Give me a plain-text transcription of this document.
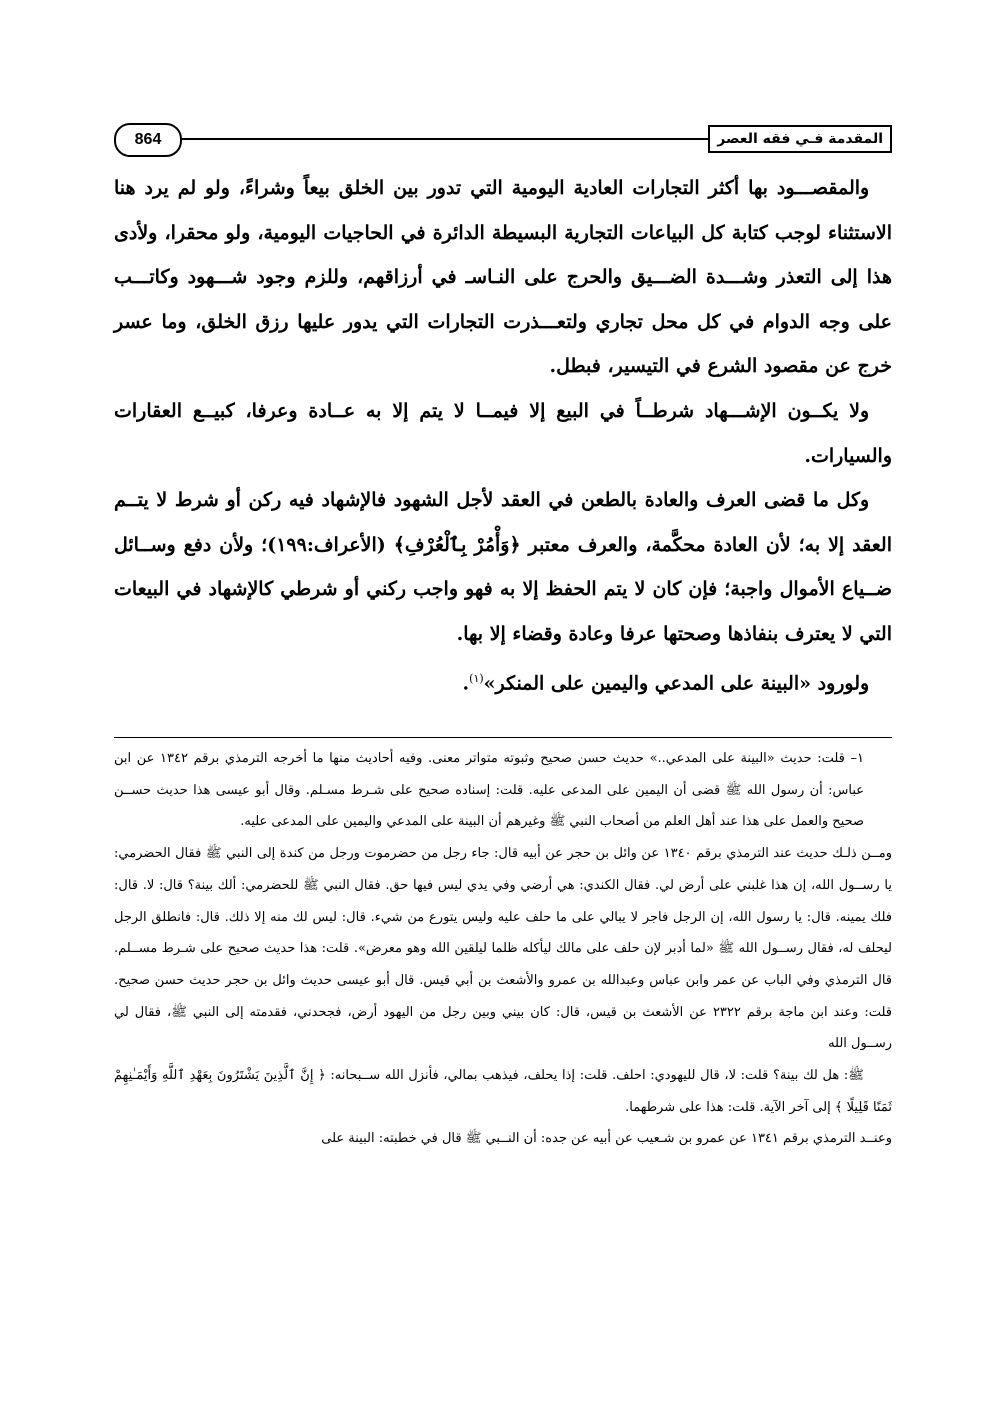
المقدمة فـي فقه العصر
864

والمقصـــود بها أكثر التجارات العادية اليومية التي تدور بين الخلق بيعاً وشراءً، ولو لم يرد هنا الاستثناء لوجب كتابة كل البياعات التجارية البسيطة الدائرة في الحاجيات اليومية، ولو محقرا، ولأدى هذا إلى التعذر وشـــدة الضـــيق والحرج على النـاسـ في أرزاقهم، وللزم وجود شـــهود وكاتـــب على وجه الدوام في كل محل تجاري ولتعـــذرت التجارات التي يدور عليها رزق الخلق، وما عسر خرج عن مقصود الشرع في التيسير، فبطل.

ولا يكــون الإشـــهاد شرطــاً في البيع إلا فيمــا لا يتم إلا به عــادة وعرفا، كبيــع العقارات والسيارات.

وكل ما قضى العرف والعادة بالطعن في العقد لأجل الشهود فالإشهاد فيه ركن أو شرط لا يتــم العقد إلا به؛ لأن العادة محكَّمة، والعرف معتبر ﴿وَأْمُرْ بِٱلْعُرْفِ﴾ (الأعراف:١٩٩)؛ ولأن دفع وســائل ضــياع الأموال واجبة؛ فإن كان لا يتم الحفظ إلا به فهو واجب ركني أو شرطي كالإشهاد في البيعات التي لا يعترف بنفاذها وصحتها عرفا وعادة وقضاء إلا بها.

ولورود «البينة على المدعي واليمين على المنكر»$^{(١)}$.

١– قلت: حديث «البينة على المدعي..» حديث حسن صحيح وثبوته متواتر معنى. وفيه أحاديث منها ما أخرجه الترمذي برقم ١٣٤٢ عن ابن عباس: أن رسول الله ﷺ قضى أن اليمين على المدعى عليه. قلت: إسناده صحيح على شـرط مسـلم. وقال أبو عيسى هذا حديث حســن صحيح والعمل على هذا عند أهل العلم من أصحاب النبي ﷺ وغيرهم أن البينة على المدعي واليمين على المدعى عليه.

ومــن ذلـك حديث عند الترمذي برقم ١٣٤٠ عن وائل بن حجر عن أبيه قال: جاء رجل من حضرموت ورجل من كندة إلى النبي ﷺ فقال الحضرمي: يا رســول الله، إن هذا غلبني على أرض لي. فقال الكندي: هي أرضي وفي يدي ليس فيها حق. فقال النبي ﷺ للحضرمي: ألك بينة؟ قال: لا. قال: فلك يمينه. قال: يا رسول الله، إن الرجل فاجر لا يبالي على ما حلف عليه وليس يتورع من شيء. قال: ليس لك منه إلا ذلك. قال: فانطلق الرجل ليحلف له، فقال رســول الله ﷺ «لما أدبر لإن حلف على مالك ليأكله ظلما ليلقين الله وهو معرض». قلت: هذا حديث صحيح على شـرط مســلم. قال الترمذي وفي الباب عن عمر وابن عباس وعبدالله بن عمرو والأشعث بن أبي قيس. قال أبو عيسى حديث وائل بن حجر حديث حسن صحيح. قلت: وعند ابن ماجة برقم ٢٣٢٢ عن الأشعث بن قيس، قال: كان بيني وبين رجل من اليهود أرض، فجحدني، فقدمته إلى النبي ﷺ، فقال لي رســول الله

ﷺ: هل لك بينة؟ قلت: لا، قال لليهودي: احلف. قلت: إذا يحلف، فيذهب بمالي، فأنزل الله ســبحانه: ﴿ إِنَّ ٱلَّذِينَ يَشْتَرُونَ بِعَهْدِ ٱللَّهِ وَأَيْمَـٰنِهِمْ ثَمَنًا قَلِيلًا ﴾ إلى آخر الآية. قلت: هذا على شرطهما.

وعنــد الترمذي برقم ١٣٤١ عن عمرو بن شـعيب عن أبيه عن جده: أن النــبي ﷺ قال في خطبته: البينة على
